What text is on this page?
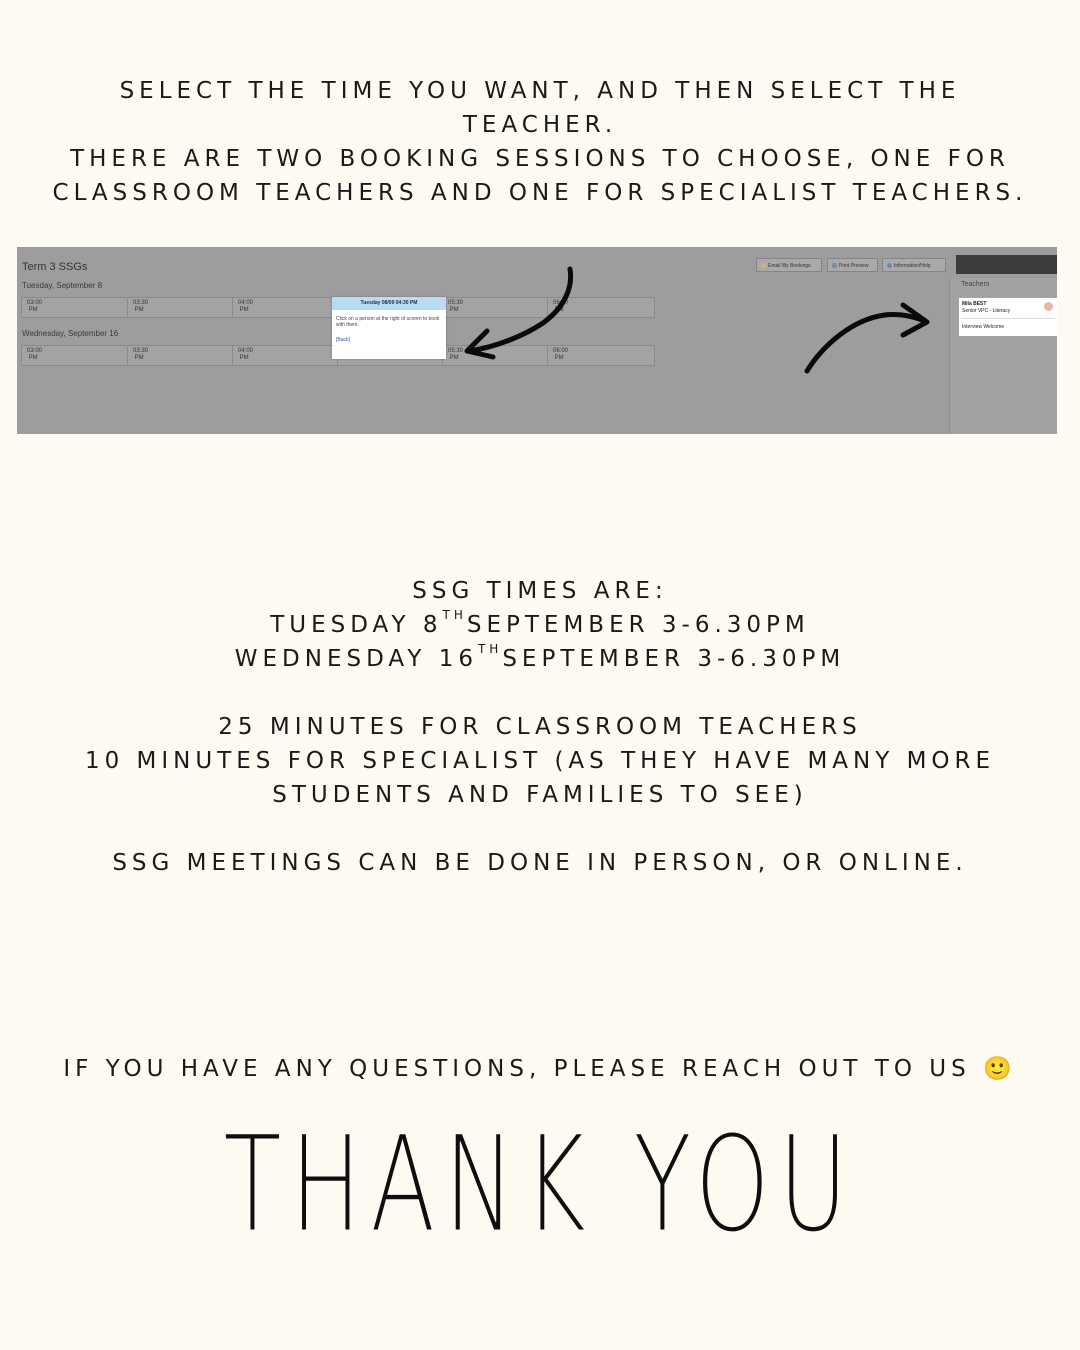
SELECT THE TIME YOU WANT, AND THEN SELECT THE TEACHER.

THERE ARE TWO BOOKING SESSIONS TO CHOOSE, ONE FOR CLASSROOM TEACHERS AND ONE FOR SPECIALIST TEACHERS.

Term 3 SSGs
Tuesday, September 8
03:00
PM
03:30
PM
04:00
PM

05:30
PM
06:00
PM
Wednesday, September 16
03:00
PM
03:30
PM
04:00
PM

05:30
PM
06:00
PM
Tuesday 08/09 04:30 PM
Click on a person at the right of screen to book with them.
[Back]
Email My Bookings	Print Preview	Information/Help
Teachers
Mila BEST
Senior VPC - Literacy
Interview Welcome

SSG TIMES ARE:

TUESDAY 8THSEPTEMBER 3-6.30PM

WEDNESDAY 16THSEPTEMBER 3-6.30PM

25 MINUTES FOR CLASSROOM TEACHERS

10 MINUTES FOR SPECIALIST (AS THEY HAVE MANY MORE STUDENTS AND FAMILIES TO SEE)

SSG MEETINGS CAN BE DONE IN PERSON, OR ONLINE.

IF YOU HAVE ANY QUESTIONS, PLEASE REACH OUT TO US 🙂

THANK YOU
